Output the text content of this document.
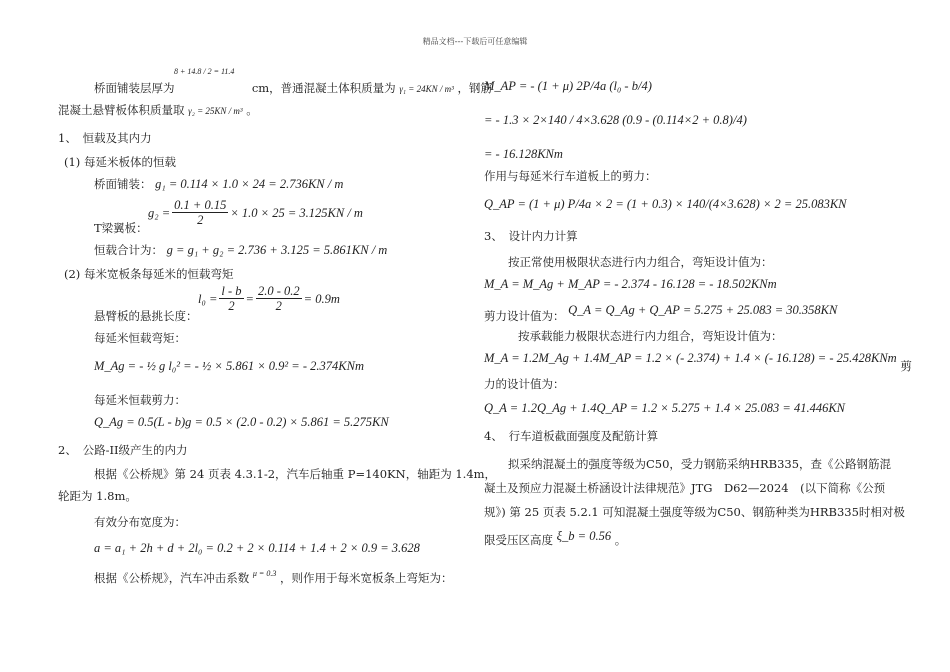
精品文档---下载后可任意编辑
8 + 14.8 / 2 = 11.4
桥面铺装层厚为	cm，普通混凝土体积质量为 γ₁ = 24KN / m³ ，钢筋
混凝土悬臂板体积质量取 γ₂ = 25KN / m³ 。
1、　恒载及其内力
(1) 每延米板体的恒载
桥面铺装： g₁ = 0.114 × 1.0 × 24 = 2.736KN / m
$g_2 = \frac{0.1 + 0.15}{2} \times 1.0 \times 25 = 3.125KN / m$
T梁翼板：
恒载合计为： g = g₁ + g₂ = 2.736 + 3.125 = 5.861KN / m
(2) 每米宽板条每延米的恒载弯矩
$l_0 = \frac{l - b}{2} = \frac{2.0 - 0.2}{2} = 0.9m$
悬臂板的悬挑长度：
每延米恒载弯矩：
M_Ag = - ½ g l₀² = - ½ × 5.861 × 0.9² = - 2.374KNm
每延米恒载剪力：
Q_Ag = 0.5(L - b)g = 0.5 × (2.0 - 0.2) × 5.861 = 5.275KN
2、　公路-II级产生的内力
根据《公桥规》第 24 页表 4.3.1-2，汽车后轴重 P=140KN，轴距为 1.4m，
轮距为 1.8m。
有效分布宽度为：
a = a₁ + 2h + d + 2l₀ = 0.2 + 2 × 0.114 + 1.4 + 2 × 0.9 = 3.628
根据《公桥规》，汽车冲击系数 $^{\mu = 0.3}$ ，则作用于每米宽板条上弯矩为：
M_AP = - (1 + μ) 2P/4a (l₀ - b/4)
= - 1.3 × 2×140 / 4×3.628 (0.9 - (0.114×2 + 0.8)/4)
= - 16.128KNm
作用与每延米行车道板上的剪力：
Q_AP = (1 + μ) P/4a × 2 = (1 + 0.3) × 140/(4×3.628) × 2 = 25.083KN
3、　设计内力计算
按正常使用极限状态进行内力组合，弯矩设计值为：
M_A = M_Ag + M_AP = - 2.374 - 16.128 = - 18.502KNm
剪力设计值为： Q_A = Q_Ag + Q_AP = 5.275 + 25.083 = 30.358KN
按承载能力极限状态进行内力组合，弯矩设计值为：
M_A = 1.2M_Ag + 1.4M_AP = 1.2 × (- 2.374) + 1.4 × (- 16.128) = - 25.428KNm 剪
力的设计值为：
Q_A = 1.2Q_Ag + 1.4Q_AP = 1.2 × 5.275 + 1.4 × 25.083 = 41.446KN
4、　行车道板截面强度及配筋计算
拟采纳混凝土的强度等级为C50，受力钢筋采纳HRB335，查《公路钢筋混
凝土及预应力混凝土桥涵设计法律规范》JTG　D62—2024　(以下简称《公预
规》) 第 25 页表 5.2.1 可知混凝土强度等级为C50、钢筋种类为HRB335时相对极
限受压区高度 ξ_b = 0.56 。
